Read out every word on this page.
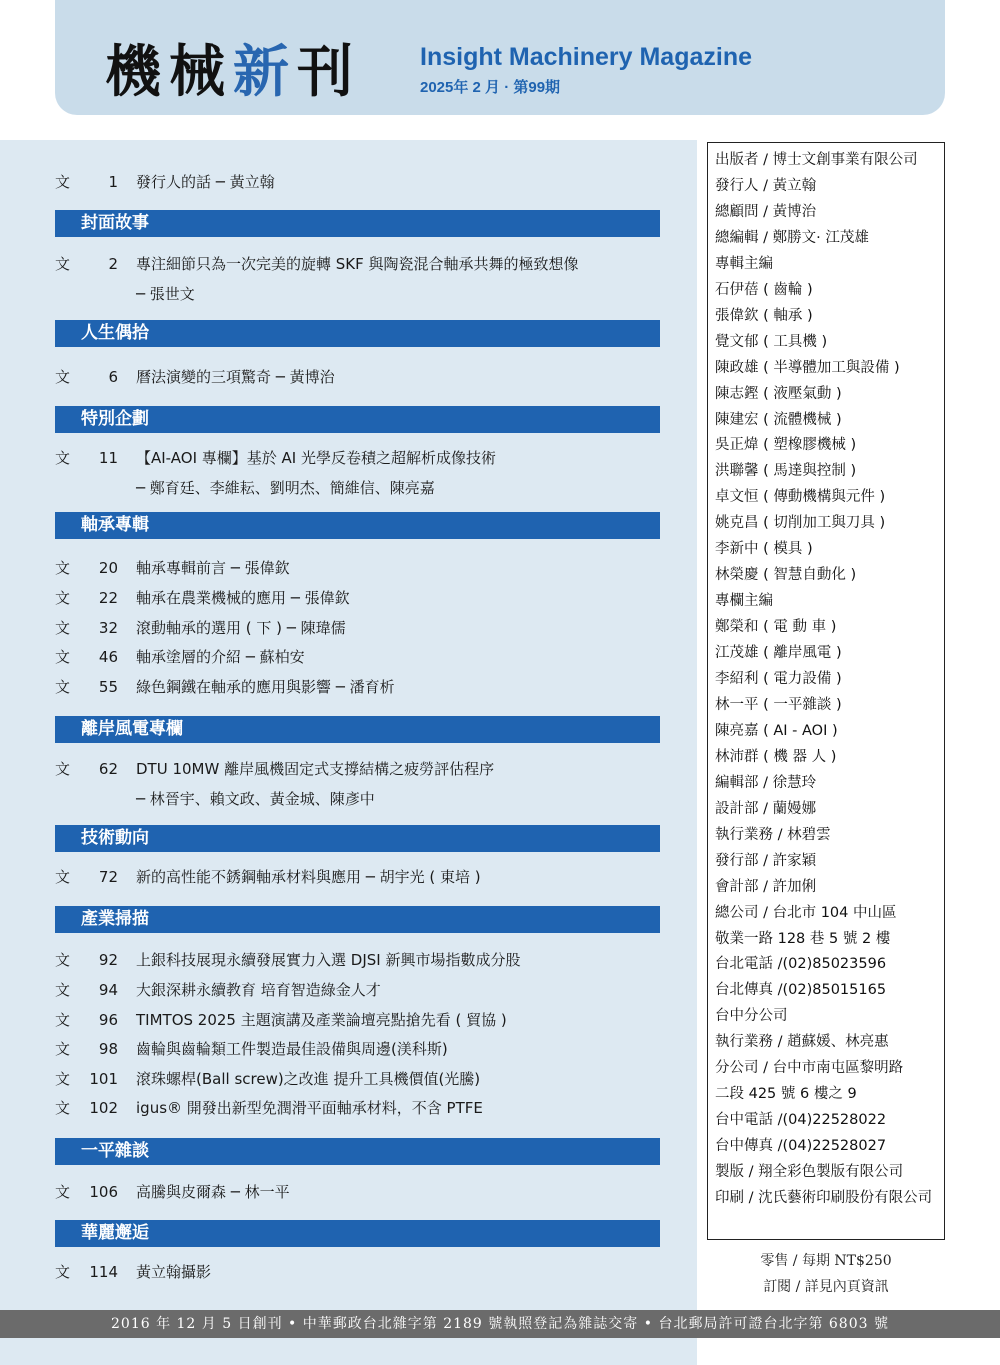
機械新刊 Insight Machinery Magazine
2025年 2 月 · 第99期
文	1 發行人的話 ─ 黃立翰
封面故事
文	2 專注細節只為一次完美的旋轉 SKF 與陶瓷混合軸承共舞的極致想像
─ 張世文
人生偶拾
文	6 曆法演變的三項驚奇 ─ 黃博治
特別企劃
文	11 【AI-AOI 專欄】基於 AI 光學反卷積之超解析成像技術
─ 鄭育廷、李維耘、劉明杰、簡維信、陳亮嘉
軸承專輯
文	20 軸承專輯前言 ─ 張偉欽
文	22 軸承在農業機械的應用 ─ 張偉欽
文	32 滾動軸承的選用 ( 下 ) ─ 陳瑋儒
文	46 軸承塗層的介紹 ─ 蘇柏安
文	55 綠色鋼鐵在軸承的應用與影響 ─ 潘育析
離岸風電專欄
文	62 DTU 10MW 離岸風機固定式支撐結構之疲勞評估程序
─ 林晉宇、賴文政、黃金城、陳彥中
技術動向
文	72 新的高性能不銹鋼軸承材料與應用 ─ 胡宇光 ( 東培 )
產業掃描
文	92 上銀科技展現永續發展實力入選 DJSI 新興市場指數成分股
文	94 大銀深耕永續教育 培育智造綠金人才
文	96 TIMTOS 2025 主題演講及產業論壇亮點搶先看 ( 貿協 )
文	98 齒輪與齒輪類工件製造最佳設備與周邊(渼科斯)
文	101 滾珠螺桿(Ball screw)之改進 提升工具機價值(光騰)
文	102 igus® 開發出新型免潤滑平面軸承材料，不含 PTFE
一平雜談
文	106 高騰與皮爾森 ─ 林一平
華麗邂逅
文	114 黃立翰攝影
出版者 / 博士文創事業有限公司
發行人 / 黃立翰
總顧問 / 黃博治
總編輯 / 鄭勝文· 江茂雄
專輯主編
石伊蓓 ( 齒輪 )
張偉欽 ( 軸承 )
覺文郁 ( 工具機 )
陳政雄 ( 半導體加工與設備 )
陳志鏗 ( 液壓氣動 )
陳建宏 ( 流體機械 )
吳正煒 ( 塑橡膠機械 )
洪聯馨 ( 馬達與控制 )
卓文恒 ( 傳動機構與元件 )
姚克昌 ( 切削加工與刀具 )
李新中 ( 模具 )
林榮慶 ( 智慧自動化 )
專欄主編
鄭榮和 ( 電 動 車 )
江茂雄 ( 離岸風電 )
李紹利 ( 電力設備 )
林一平 ( 一平雜談 )
陳亮嘉 ( AI - AOI )
林沛群 ( 機 器 人 )
編輯部 / 徐慧玲
設計部 / 蘭嫚娜
執行業務 / 林碧雲
發行部 / 許家穎
會計部 / 許加俐
總公司 / 台北市 104 中山區
敬業一路 128 巷 5 號 2 樓
台北電話 /(02)85023596
台北傳真 /(02)85015165
台中分公司
執行業務 / 趙蘇媛、林亮惠
分公司 / 台中市南屯區黎明路
二段 425 號 6 樓之 9
台中電話 /(04)22528022
台中傳真 /(04)22528027
製版 / 翔全彩色製版有限公司
印刷 / 沈氏藝術印刷股份有限公司
零售 / 每期 NT$250
訂閱 / 詳見內頁資訊
2016 年 12 月 5 日創刊 • 中華郵政台北雜字第 2189 號執照登記為雜誌交寄 • 台北郵局許可證台北字第 6803 號
